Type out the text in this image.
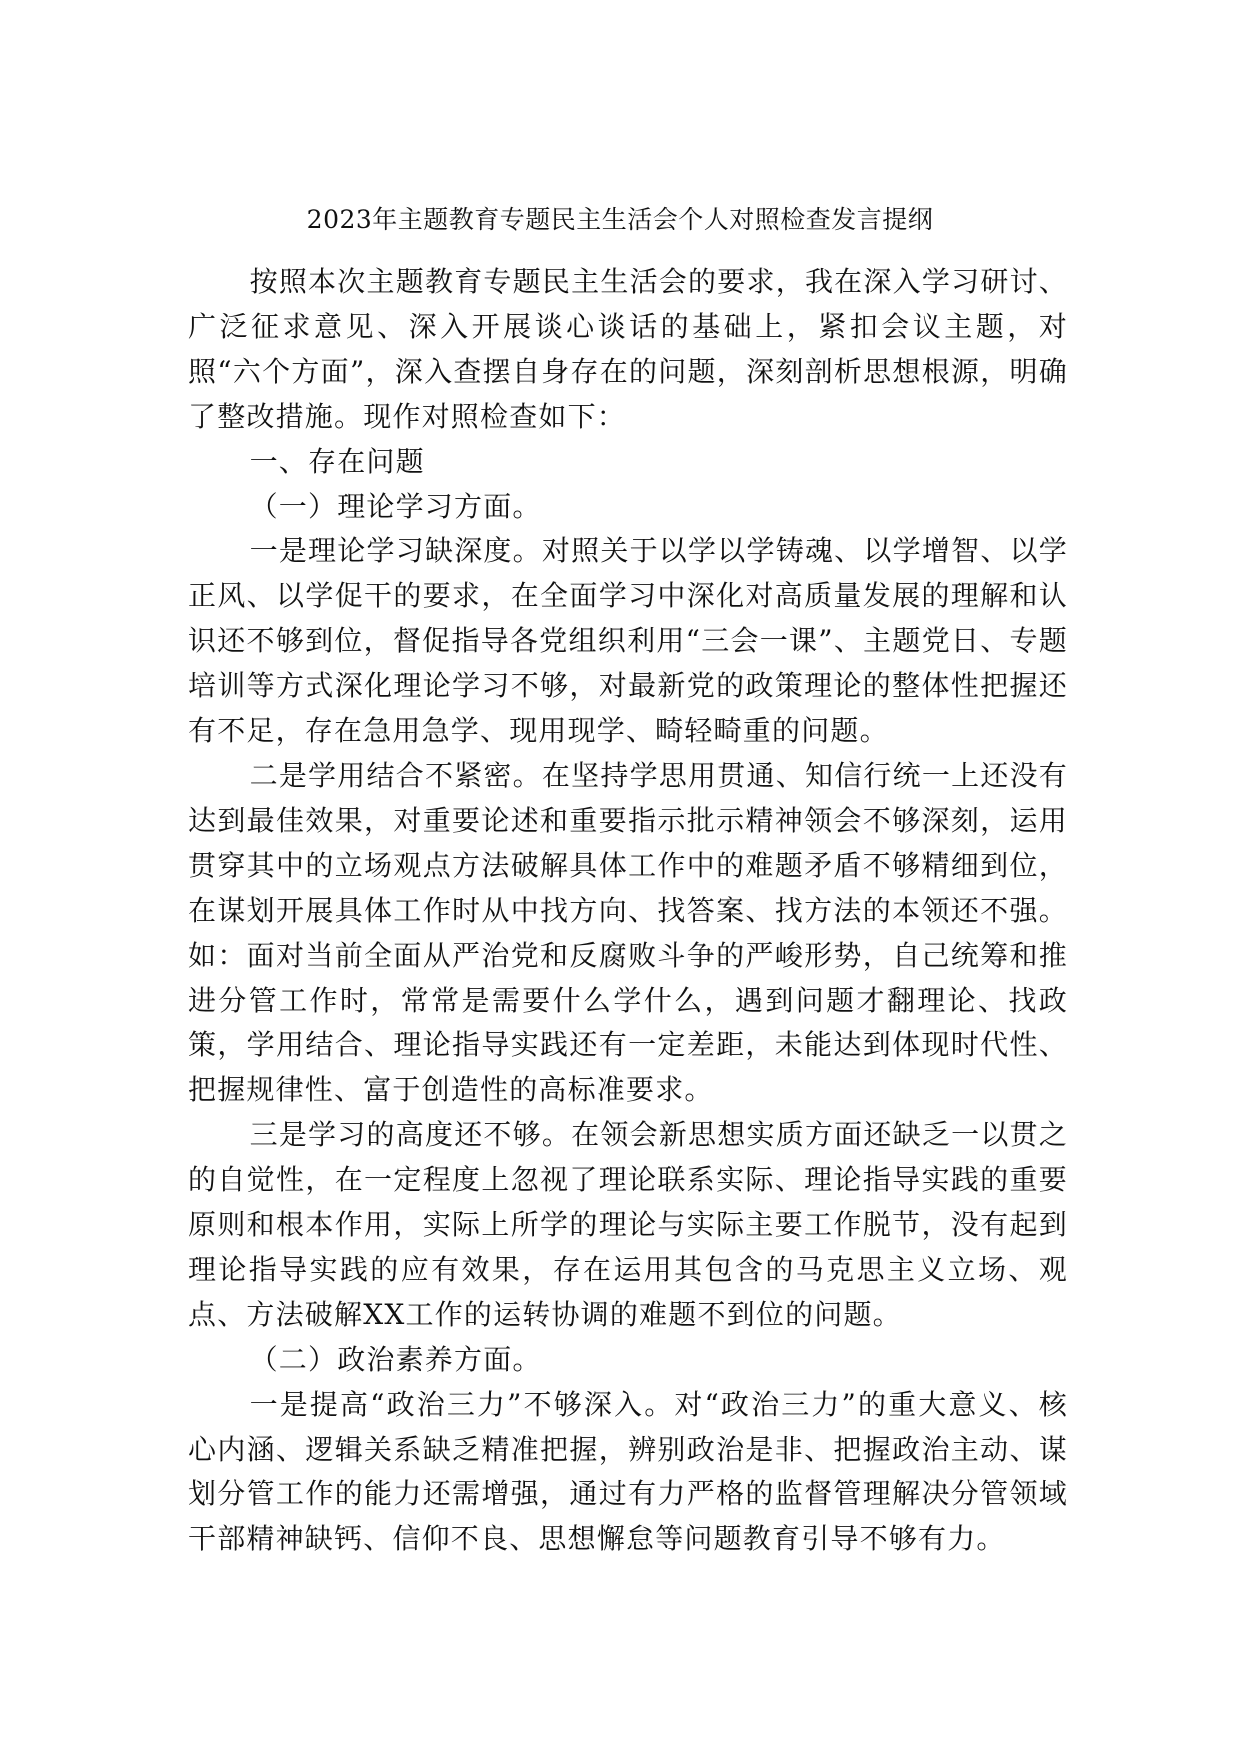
2023年主题教育专题民主生活会个人对照检查发言提纲

按照本次主题教育专题民主生活会的要求，我在深入学习研讨、广泛征求意见、深入开展谈心谈话的基础上，紧扣会议主题，对照“六个方面”，深入查摆自身存在的问题，深刻剖析思想根源，明确了整改措施。现作对照检查如下：

一、存在问题

（一）理论学习方面。

一是理论学习缺深度。对照关于以学以学铸魂、以学增智、以学正风、以学促干的要求，在全面学习中深化对高质量发展的理解和认识还不够到位，督促指导各党组织利用“三会一课”、主题党日、专题培训等方式深化理论学习不够，对最新党的政策理论的整体性把握还有不足，存在急用急学、现用现学、畸轻畸重的问题。

二是学用结合不紧密。在坚持学思用贯通、知信行统一上还没有达到最佳效果，对重要论述和重要指示批示精神领会不够深刻，运用贯穿其中的立场观点方法破解具体工作中的难题矛盾不够精细到位，在谋划开展具体工作时从中找方向、找答案、找方法的本领还不强。如：面对当前全面从严治党和反腐败斗争的严峻形势，自己统筹和推进分管工作时，常常是需要什么学什么，遇到问题才翻理论、找政策，学用结合、理论指导实践还有一定差距，未能达到体现时代性、把握规律性、富于创造性的高标准要求。

三是学习的高度还不够。在领会新思想实质方面还缺乏一以贯之的自觉性，在一定程度上忽视了理论联系实际、理论指导实践的重要原则和根本作用，实际上所学的理论与实际主要工作脱节，没有起到理论指导实践的应有效果，存在运用其包含的马克思主义立场、观点、方法破解XX工作的运转协调的难题不到位的问题。

（二）政治素养方面。

一是提高“政治三力”不够深入。对“政治三力”的重大意义、核心内涵、逻辑关系缺乏精准把握，辨别政治是非、把握政治主动、谋划分管工作的能力还需增强，通过有力严格的监督管理解决分管领域干部精神缺钙、信仰不良、思想懈怠等问题教育引导不够有力。
